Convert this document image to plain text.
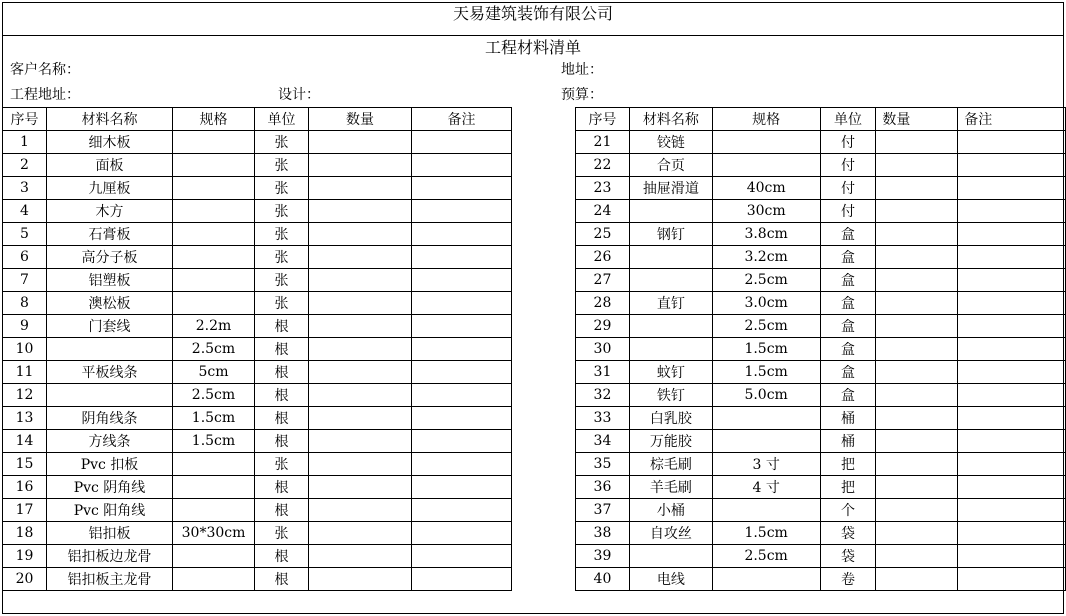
天易建筑装饰有限公司
工程材料清单
客户名称：	地址：
工程地址：	设计：	预算：
序号	材料名称	规格	单位	数量	备注
1	细木板		张		
2	面板		张		
3	九厘板		张		
4	木方		张		
5	石膏板		张		
6	高分子板		张		
7	铝塑板		张		
8	澳松板		张		
9	门套线	2.2m	根		
10		2.5cm	根		
11	平板线条	5cm	根		
12		2.5cm	根		
13	阴角线条	1.5cm	根		
14	方线条	1.5cm	根		
15	Pvc 扣板		张		
16	Pvc 阴角线		根		
17	Pvc 阳角线		根		
18	铝扣板	30*30cm	张		
19	铝扣板边龙骨		根		
20	铝扣板主龙骨		根		
序号	材料名称	规格	单位	数量	备注
21	铰链		付		
22	合页		付		
23	抽屉滑道	40cm	付		
24		30cm	付		
25	钢钉	3.8cm	盒		
26		3.2cm	盒		
27		2.5cm	盒		
28	直钉	3.0cm	盒		
29		2.5cm	盒		
30		1.5cm	盒		
31	蚊钉	1.5cm	盒		
32	铁钉	5.0cm	盒		
33	白乳胶		桶		
34	万能胶		桶		
35	棕毛刷	3 寸	把		
36	羊毛刷	4 寸	把		
37	小桶		个		
38	自攻丝	1.5cm	袋		
39		2.5cm	袋		
40	电线		卷		
